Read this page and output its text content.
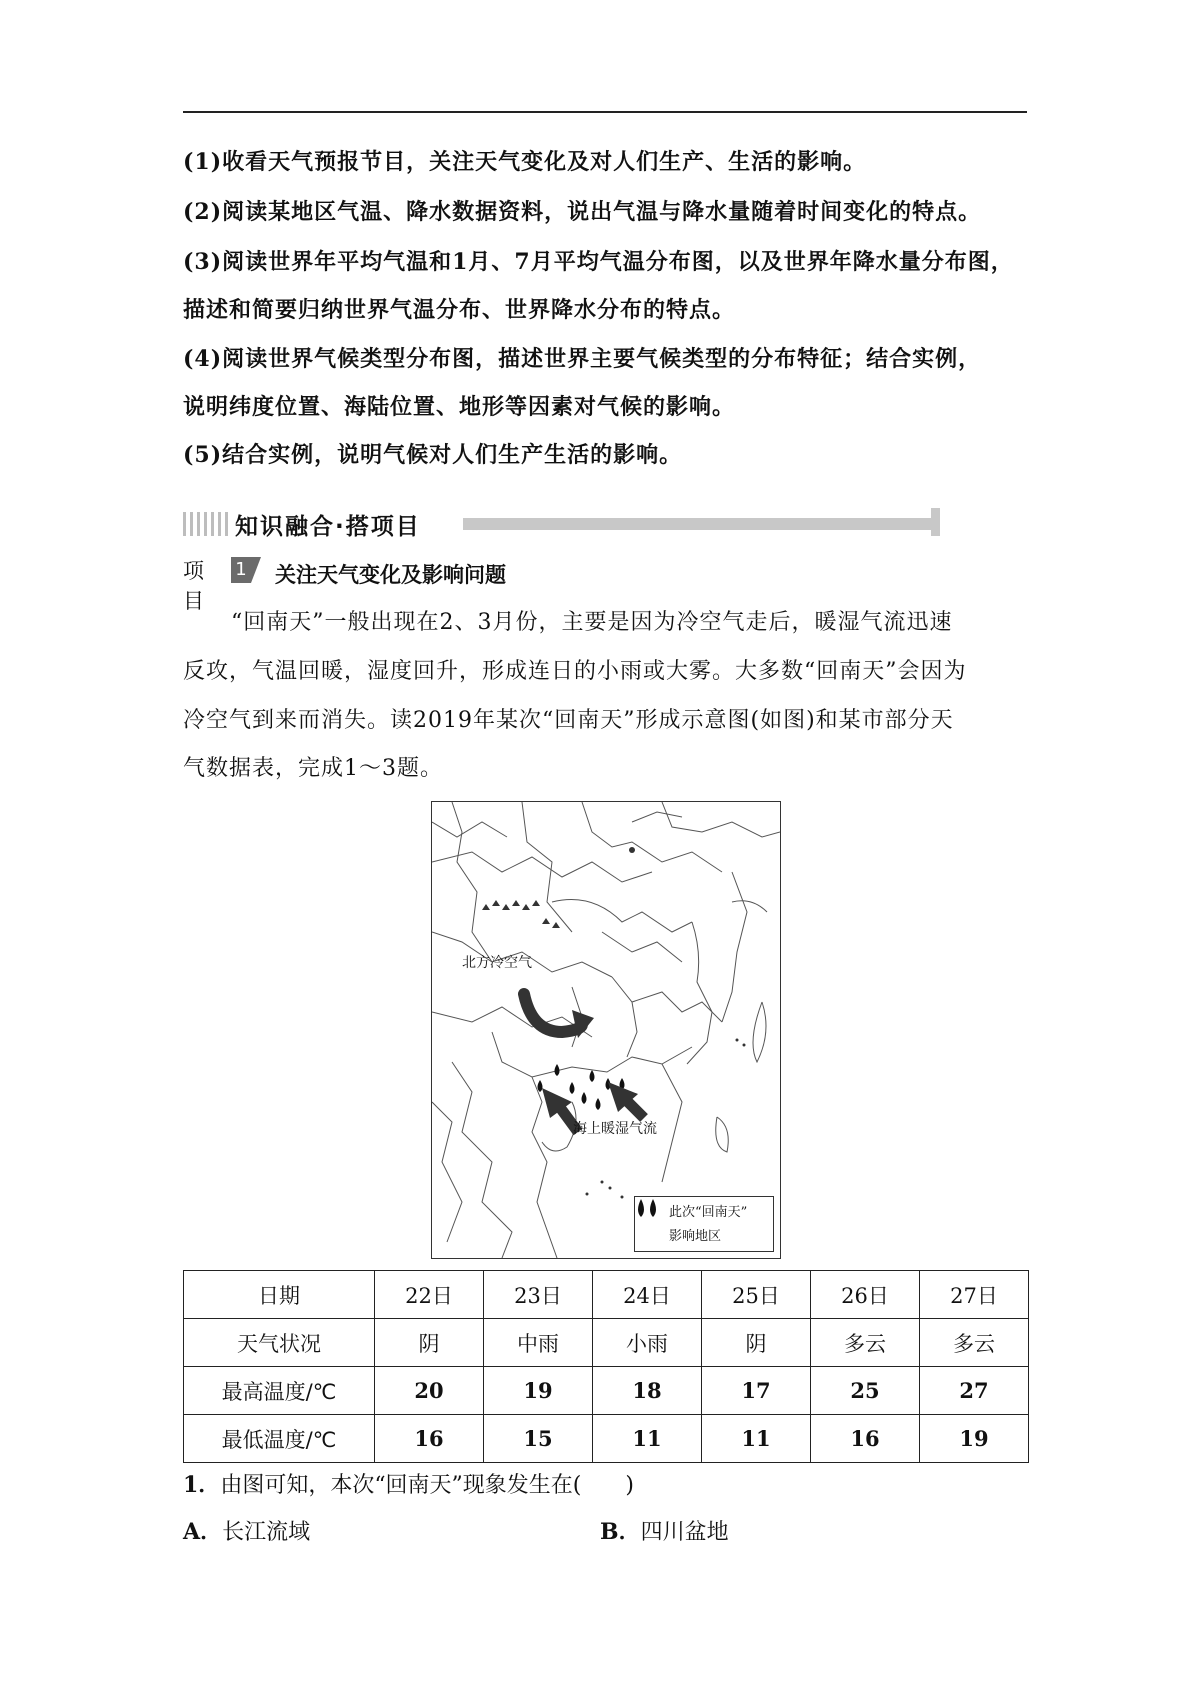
(1)收看天气预报节目，关注天气变化及对人们生产、生活的影响。
(2)阅读某地区气温、降水数据资料，说出气温与降水量随着时间变化的特点。
(3)阅读世界年平均气温和1月、7月平均气温分布图，以及世界年降水量分布图，
描述和简要归纳世界气温分布、世界降水分布的特点。
(4)阅读世界气候类型分布图，描述世界主要气候类型的分布特征；结合实例，
说明纬度位置、海陆位置、地形等因素对气候的影响。
(5)结合实例，说明气候对人们生产生活的影响。
知识融合·搭项目
项目
1 关注天气变化及影响问题
“回南天”一般出现在2、3月份，主要是因为冷空气走后，暖湿气流迅速
反攻，气温回暖，湿度回升，形成连日的小雨或大雾。大多数“回南天”会因为
冷空气到来而消失。读2019年某次“回南天”形成示意图(如图)和某市部分天
气数据表，完成1～3题。
北方冷空气
海上暖湿气流
此次“回南天”
影响地区
日期	22日	23日	24日	25日	26日	27日
天气状况	阴	中雨	小雨	阴	多云	多云
最高温度/℃	20	19	18	17	25	27
最低温度/℃	16	15	11	11	16	19
1．由图可知，本次“回南天”现象发生在(　　)
A．长江流域	B．四川盆地
